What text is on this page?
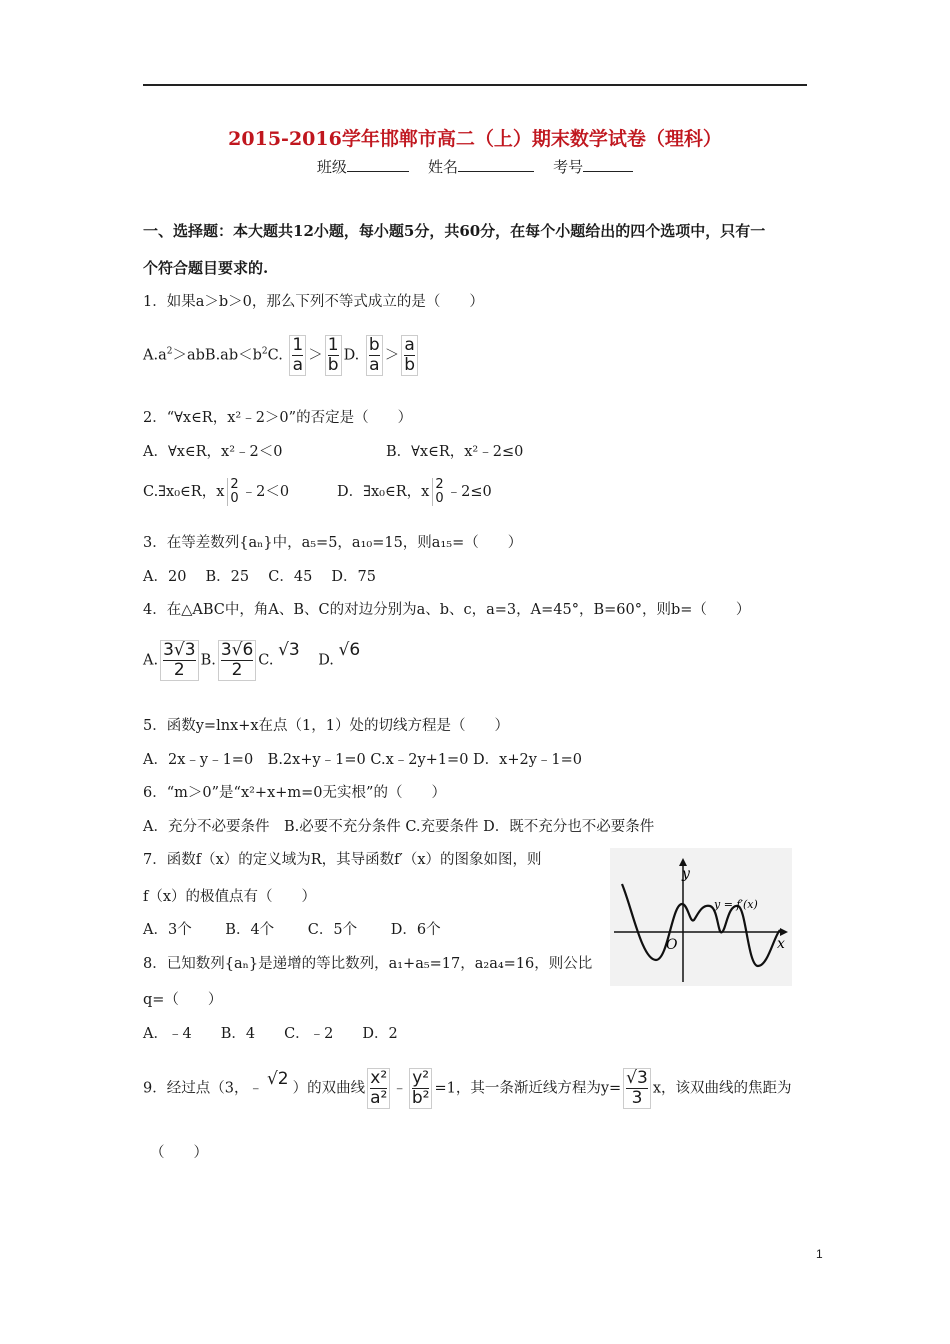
2015-2016学年邯郸市高二（上）期末数学试卷（理科）
班级	姓名	考号
一、选择题：本大题共12小题，每小题5分，共60分，在每个小题给出的四个选项中，只有一
个符合题目要求的.
1．如果a＞b＞0，那么下列不等式成立的是（　　）
$A.a^2>abB.ab<b^2C$. $\frac{1}{a} > \frac{1}{b} D$. $\frac{b}{a} > \frac{a}{b}$
2．“∀x∈R，x²﹣2＞0”的否定是（　　）
A．∀x∈R，x²﹣2＜0	B．∀x∈R，x²﹣2≤0
C.∃x₀∈R，x 2
0 ﹣2＜0	D．∃x₀∈R，x 2
0 ﹣2≤0
3．在等差数列{aₙ}中，a₅=5，a₁₀=15，则a₁₅=（　　）
A．20　 B．25　 C．45　 D．75
4．在△ABC中，角A、B、C的对边分别为a、b、c，a=3，A=45°，B=60°，则b=（　　）
A. $\frac{3√3}{2} B$. $\frac{3√6}{2} C$. √3    D. √6
5．函数y=lnx+x在点（1，1）处的切线方程是（　　）
A．2x﹣y﹣1=0　B.2x+y﹣1=0 C.x﹣2y+1=0 D．x+2y﹣1=0
6．“m＞0”是“x²+x+m=0无实根”的（　　）
A．充分不必要条件　B.必要不充分条件 C.充要条件 D．既不充分也不必要条件
7．函数f（x）的定义域为R，其导函数f′（x）的图象如图，则
f（x）的极值点有（　　）
A．3个　　 B．4个　　 C．5个　　 D．6个
y
x
O
y = f′(x)
8．已知数列{aₙ}是递增的等比数列，a₁+a₅=17，a₂a₄=16，则公比
q=（　　）
A．﹣4　　B．4　　C．﹣2　　D．2
9．经过点（3，﹣ √2
）的双曲线 $\frac{\text{x²}}{\text{a²}}$ ﹣ $\frac{\text{y²}}{\text{b²}} =1$，其一条渐近线方程为$y= \frac{√3}{3}$ x，该双曲线的焦距为
（　　）
1
